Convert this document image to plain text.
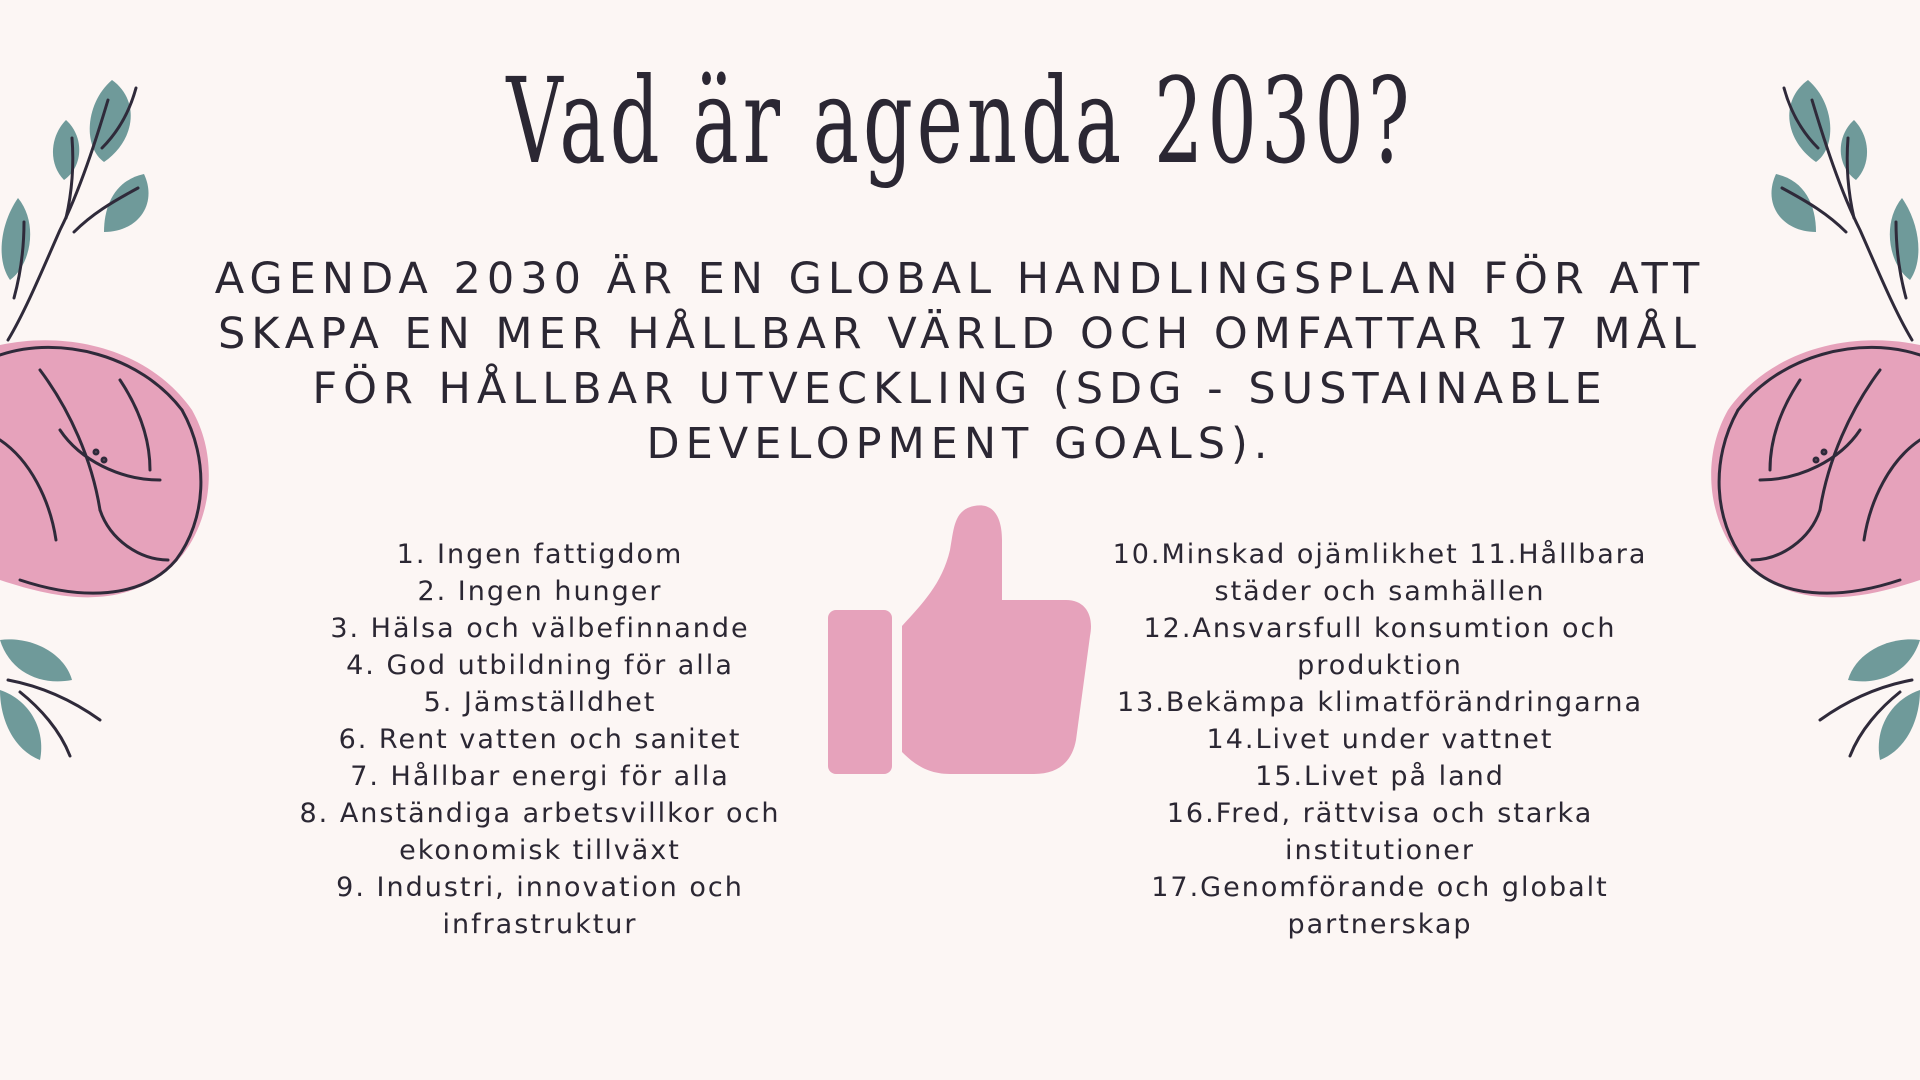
Vad är agenda 2030?

AGENDA 2030 ÄR EN GLOBAL HANDLINGSPLAN FÖR ATT SKAPA EN MER HÅLLBAR VÄRLD OCH OMFATTAR 17 MÅL FÖR HÅLLBAR UTVECKLING (SDG - SUSTAINABLE DEVELOPMENT GOALS).

1. Ingen fattigdom
2. Ingen hunger
3. Hälsa och välbefinnande
4. God utbildning för alla
5. Jämställdhet
6. Rent vatten och sanitet
7. Hållbar energi för alla
8. Anständiga arbetsvillkor och ekonomisk tillväxt
9. Industri, innovation och infrastruktur
10.Minskad ojämlikhet 11.Hållbara städer och samhällen
12.Ansvarsfull konsumtion och produktion
13.Bekämpa klimatförändringarna
14.Livet under vattnet
15.Livet på land
16.Fred, rättvisa och starka institutioner
17.Genomförande och globalt partnerskap
